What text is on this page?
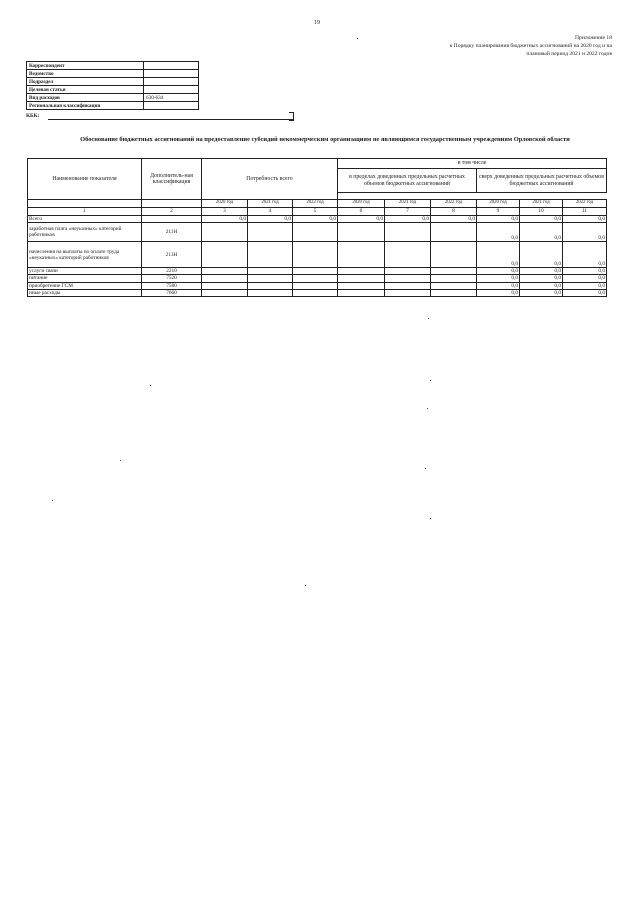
19
Приложение 18
к Порядку планирования бюджетных ассигнований на 2020 год и на
плановый период 2021 и 2022 годов
Корреспондент	
Ведомство	
Подраздел	
Целевая статья	
Вид расходов	630-634
Региональная классификация	
КБК:
Обоснование бюджетных ассигнований на предоставление субсидий некоммерческим организациям не являющимся государственным учреждениям Орловской области
Наименование показателя	Дополнитель-ная классификация	Потребность всего			в том числе					
					в пределах доведенных предельных расчетных объемов бюджетных ассигнований			сверх доведенных предельных расчетных объемов бюджетных ассигнований		

		2020 год	2021 год	2022 год	2020 год	2021 год	2022 год	2020 год	2021 год	2022 год
1	2	3	4	5	6	7	8	9	10	11
Всего		0,0	0,0	0,0	0,0	0,0	0,0	0,0	0,0	0,0
заработная плата «неуказных» категорий работников	211Н							0,0	0,0	0,0
начисления на выплаты по оплате труда «неуказных» категорий работников	213Н							0,0	0,0	0,0
услуги связи	2210							0,0	0,0	0,0
питание	7520							0,0	0,0	0,0
приобретение ГСМ	7580							0,0	0,0	0,0
иные расходы	7660							0,0	0,0	0,0
